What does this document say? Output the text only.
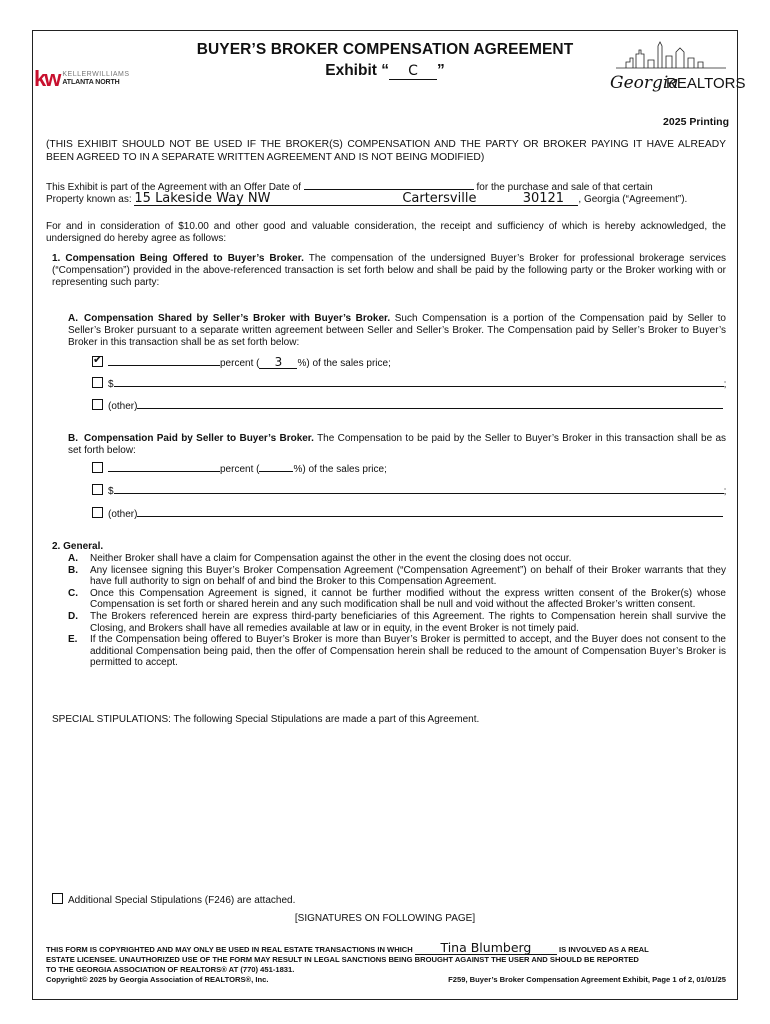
BUYER’S BROKER COMPENSATION AGREEMENT
Exhibit “ C ”
kw KELLERWILLIAMS
ATLANTA NORTH	Georgia
REALTORS
2025 Printing
(THIS EXHIBIT SHOULD NOT BE USED IF THE BROKER(S) COMPENSATION AND THE PARTY OR BROKER PAYING IT HAVE ALREADY BEEN AGREED TO IN A SEPARATE WRITTEN AGREEMENT AND IS NOT BEING MODIFIED)
This Exhibit is part of the Agreement with an Offer Date of	for the purchase and sale of that certain
Property known as: 15 Lakeside Way NW	Cartersville	30121 , Georgia (“Agreement”).
For and in consideration of $10.00 and other good and valuable consideration, the receipt and sufficiency of which is hereby acknowledged, the undersigned do hereby agree as follows:
1. Compensation Being Offered to Buyer’s Broker. The compensation of the undersigned Buyer’s Broker for professional brokerage services (“Compensation”) provided in the above-referenced transaction is set forth below and shall be paid by the following party or the Broker working with or representing such party:
A. Compensation Shared by Seller’s Broker with Buyer’s Broker. Such Compensation is a portion of the Compensation paid by Seller to Seller’s Broker pursuant to a separate written agreement between Seller and Seller’s Broker. The Compensation paid by Seller’s Broker to Buyer’s Broker in this transaction shall be as set forth below:
✔percent ( 3 %) of the sales price;
$	;
(other)
B. Compensation Paid by Seller to Buyer’s Broker. The Compensation to be paid by the Seller to Buyer’s Broker in this transaction shall be as set forth below:
percent (	%) of the sales price;
$	;
(other)
2. General.
A.	Neither Broker shall have a claim for Compensation against the other in the event the closing does not occur.
B.	Any licensee signing this Buyer’s Broker Compensation Agreement (“Compensation Agreement”) on behalf of their Broker warrants that they have full authority to sign on behalf of and bind the Broker to this Compensation Agreement.
C.	Once this Compensation Agreement is signed, it cannot be further modified without the express written consent of the Broker(s) whose Compensation is set forth or shared herein and any such modification shall be null and void without the affected Broker’s written consent.
D.	The Brokers referenced herein are express third-party beneficiaries of this Agreement. The rights to Compensation herein shall survive the Closing, and Brokers shall have all remedies available at law or in equity, in the event Broker is not timely paid.
E.	If the Compensation being offered to Buyer’s Broker is more than Buyer’s Broker is permitted to accept, and the Buyer does not consent to the additional Compensation being paid, then the offer of Compensation herein shall be reduced to the amount of Compensation Buyer’s Broker is permitted to accept.
SPECIAL STIPULATIONS: The following Special Stipulations are made a part of this Agreement.
Additional Special Stipulations (F246) are attached.
[SIGNATURES ON FOLLOWING PAGE]
THIS FORM IS COPYRIGHTED AND MAY ONLY BE USED IN REAL ESTATE TRANSACTIONS IN WHICH Tina Blumberg	IS INVOLVED AS A REAL
ESTATE LICENSEE. UNAUTHORIZED USE OF THE FORM MAY RESULT IN LEGAL SANCTIONS BEING BROUGHT AGAINST THE USER AND SHOULD BE REPORTED
TO THE GEORGIA ASSOCIATION OF REALTORS® AT (770) 451-1831.
Copyright© 2025 by Georgia Association of REALTORS®, Inc.	F259, Buyer’s Broker Compensation Agreement Exhibit, Page 1 of 2, 01/01/25
